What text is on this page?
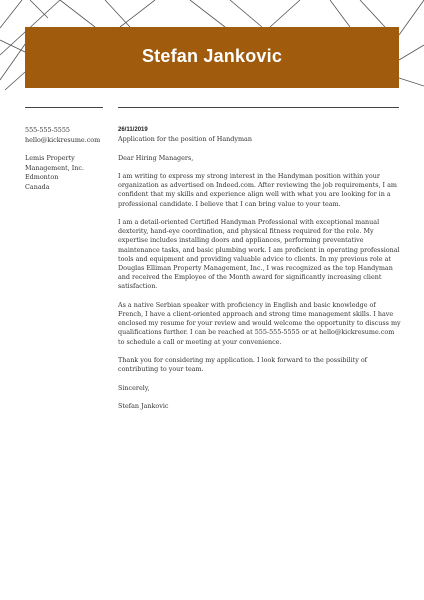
Stefan Jankovic
555-555-5555
hello@kickresume.com
Lemis Property
Management, Inc.
Edmonton
Canada
26/11/2019
Application for the position of Handyman

Dear Hiring Managers,

I am writing to express my strong interest in the Handyman position within your organization as advertised on Indeed.com. After reviewing the job requirements, I am confident that my skills and experience align well with what you are looking for in a professional candidate. I believe that I can bring value to your team.

I am a detail-oriented Certified Handyman Professional with exceptional manual dexterity, hand-eye coordination, and physical fitness required for the role. My expertise includes installing doors and appliances, performing preventative maintenance tasks, and basic plumbing work. I am proficient in operating professional tools and equipment and providing valuable advice to clients. In my previous role at Douglas Elliman Property Management, Inc., I was recognized as the top Handyman and received the Employee of the Month award for significantly increasing client satisfaction.

As a native Serbian speaker with proficiency in English and basic knowledge of French, I have a client-oriented approach and strong time management skills. I have enclosed my resume for your review and would welcome the opportunity to discuss my qualifications further. I can be reached at 555-555-5555 or at hello@kickresume.com to schedule a call or meeting at your convenience.

Thank you for considering my application. I look forward to the possibility of contributing to your team.

Sincerely,

Stefan Jankovic
